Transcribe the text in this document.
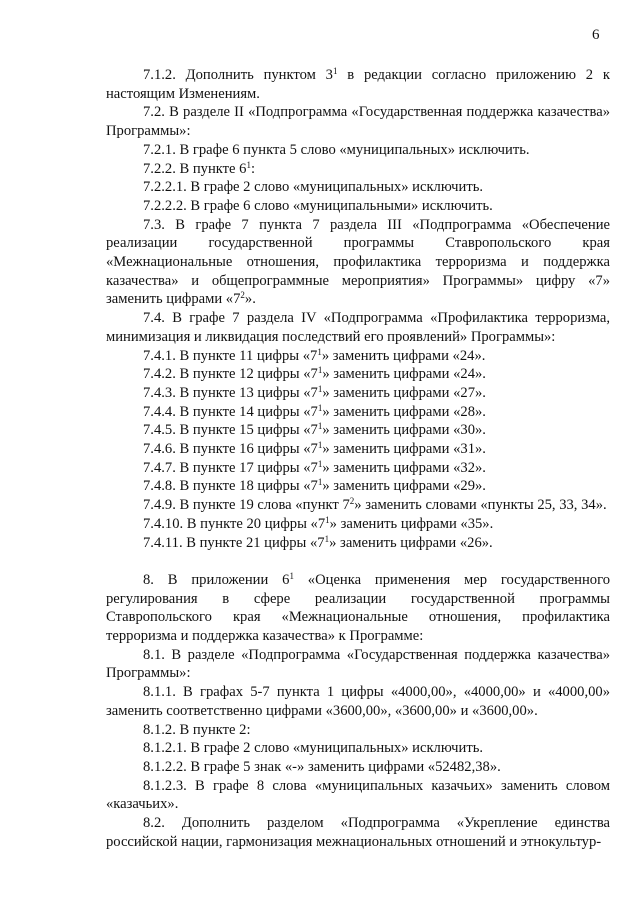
6

7.1.2. Дополнить пунктом $3^1$ в редакции согласно приложению 2 к настоящим Изменениям.

7.2. В разделе II «Подпрограмма «Государственная поддержка казачества» Программы»:

7.2.1. В графе 6 пункта 5 слово «муниципальных» исключить.

7.2.2. В пункте $6^1$:

7.2.2.1. В графе 2 слово «муниципальных» исключить.

7.2.2.2. В графе 6 слово «муниципальными» исключить.

7.3. В графе 7 пункта 7 раздела III «Подпрограмма «Обеспечение реализации государственной программы Ставропольского края «Межнациональные отношения, профилактика терроризма и поддержка казачества» и общепрограммные мероприятия» Программы» цифру «7» заменить цифрами «$7^2$».

7.4. В графе 7 раздела IV «Подпрограмма «Профилактика терроризма, минимизация и ликвидация последствий его проявлений» Программы»:

7.4.1. В пункте 11 цифры «$7^1$» заменить цифрами «24».

7.4.2. В пункте 12 цифры «$7^1$» заменить цифрами «24».

7.4.3. В пункте 13 цифры «$7^1$» заменить цифрами «27».

7.4.4. В пункте 14 цифры «$7^1$» заменить цифрами «28».

7.4.5. В пункте 15 цифры «$7^1$» заменить цифрами «30».

7.4.6. В пункте 16 цифры «$7^1$» заменить цифрами «31».

7.4.7. В пункте 17 цифры «$7^1$» заменить цифрами «32».

7.4.8. В пункте 18 цифры «$7^1$» заменить цифрами «29».

7.4.9. В пункте 19 слова «пункт $7^2$» заменить словами «пункты 25, 33, 34».

7.4.10. В пункте 20 цифры «$7^1$» заменить цифрами «35».

7.4.11. В пункте 21 цифры «$7^1$» заменить цифрами «26».

8. В приложении $6^1$ «Оценка применения мер государственного регулирования в сфере реализации государственной программы Ставропольского края «Межнациональные отношения, профилактика терроризма и поддержка казачества» к Программе:

8.1. В разделе «Подпрограмма «Государственная поддержка казачества» Программы»:

8.1.1. В графах 5-7 пункта 1 цифры «4000,00», «4000,00» и «4000,00» заменить соответственно цифрами «3600,00», «3600,00» и «3600,00».

8.1.2. В пункте 2:

8.1.2.1. В графе 2 слово «муниципальных» исключить.

8.1.2.2. В графе 5 знак «-» заменить цифрами «52482,38».

8.1.2.3. В графе 8 слова «муниципальных казачьих» заменить словом «казачьих».

8.2. Дополнить разделом «Подпрограмма «Укрепление единства российской нации, гармонизация межнациональных отношений и этнокультур-
